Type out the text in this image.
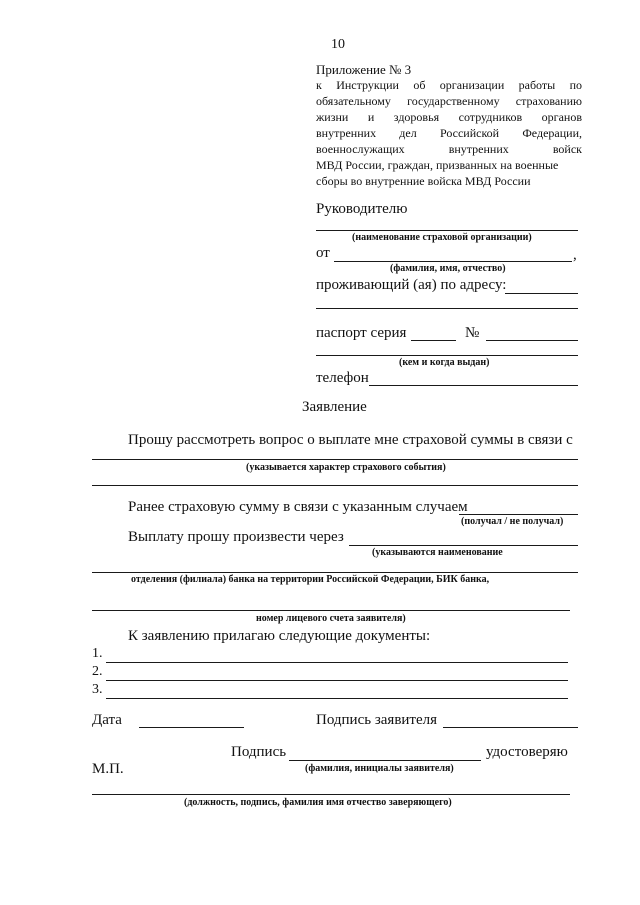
10
Приложение № 3
к Инструкции об организации работы по
обязательному государственному страхованию
жизни и здоровья сотрудников органов
внутренних дел Российской Федерации,
военнослужащих внутренних войск
МВД России, граждан, призванных на военные
сборы во внутренние войска МВД России
Руководителю
(наименование страховой организации)
от	,
(фамилия, имя, отчество)
проживающий (ая) по адресу:
паспорт серия	№
(кем и когда выдан)
телефон
Заявление
Прошу рассмотреть вопрос о выплате мне страховой суммы в связи с
(указывается характер страхового события)
Ранее страховую сумму в связи с указанным случаем
(получал / не получал)
Выплату прошу произвести через
(указываются наименование
отделения (филиала) банка на территории Российской Федерации, БИК банка,
номер лицевого счета заявителя)
К заявлению прилагаю следующие документы:
1.
2.
3.
Дата	Подпись заявителя
Подпись	удостоверяю
М.П.	(фамилия, инициалы заявителя)
(должность, подпись, фамилия имя отчество заверяющего)
